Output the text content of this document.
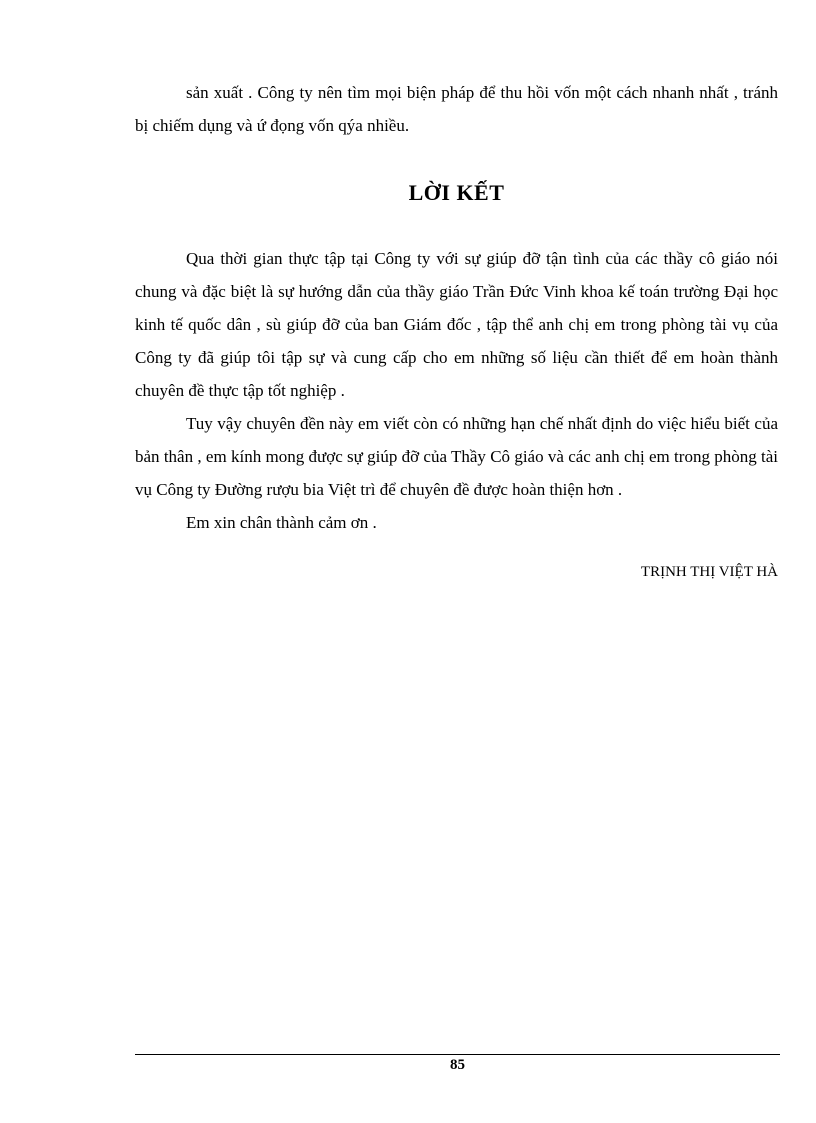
sản xuất . Công ty nên tìm mọi biện pháp để thu hồi vốn một cách nhanh nhất , tránh bị chiếm dụng và ứ đọng vốn qýa nhiều.

LỜI KẾT

Qua thời gian thực tập tại Công ty với sự giúp đỡ tận tình của các thầy cô giáo nói chung và đặc biệt là sự hướng dẫn của thầy giáo Trần Đức Vinh khoa kế toán trường Đại học kinh tế quốc dân , sù giúp đỡ của ban Giám đốc , tập thể anh chị em trong phòng tài vụ của Công ty đã giúp tôi tập sự và cung cấp cho em những số liệu cần thiết để em hoàn thành chuyên đề thực tập tốt nghiệp .

Tuy vậy chuyên đền này em viết còn có những hạn chế nhất định do việc hiểu biết của bản thân , em kính mong được sự giúp đỡ của Thầy Cô giáo và các anh chị em trong phòng tài vụ Công ty Đường rượu bia Việt trì để chuyên đề được hoàn thiện hơn .

Em xin chân thành cảm ơn .

TRỊNH THỊ VIỆT HÀ

85
